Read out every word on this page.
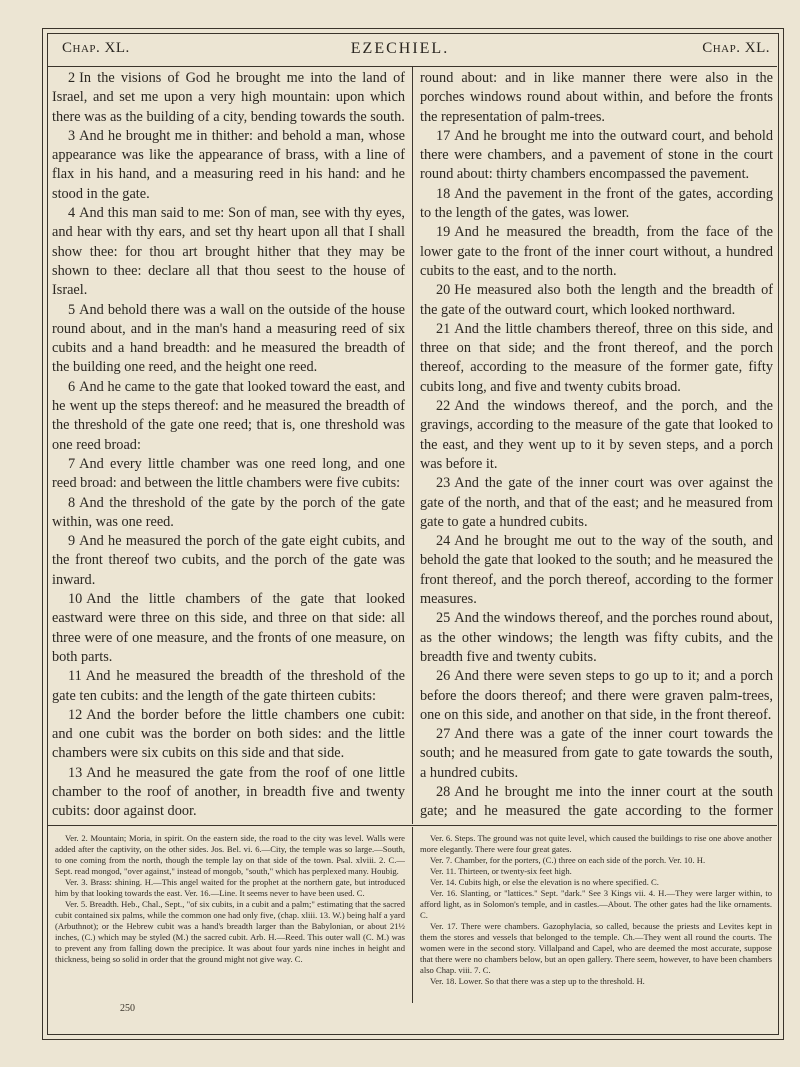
Chap. XL.	EZECHIEL.	Chap. XL.

2 In the visions of God he brought me into the land of Israel, and set me upon a very high mountain: upon which there was as the building of a city, bending towards the south.

3 And he brought me in thither: and behold a man, whose appearance was like the appearance of brass, with a line of flax in his hand, and a measuring reed in his hand: and he stood in the gate.

4 And this man said to me: Son of man, see with thy eyes, and hear with thy ears, and set thy heart upon all that I shall show thee: for thou art brought hither that they may be shown to thee: declare all that thou seest to the house of Israel.

5 And behold there was a wall on the outside of the house round about, and in the man's hand a measuring reed of six cubits and a hand breadth: and he measured the breadth of the building one reed, and the height one reed.

6 And he came to the gate that looked toward the east, and he went up the steps thereof: and he measured the breadth of the threshold of the gate one reed; that is, one threshold was one reed broad:

7 And every little chamber was one reed long, and one reed broad: and between the little chambers were five cubits:

8 And the threshold of the gate by the porch of the gate within, was one reed.

9 And he measured the porch of the gate eight cubits, and the front thereof two cubits, and the porch of the gate was inward.

10 And the little chambers of the gate that looked eastward were three on this side, and three on that side: all three were of one measure, and the fronts of one measure, on both parts.

11 And he measured the breadth of the threshold of the gate ten cubits: and the length of the gate thirteen cubits:

12 And the border before the little chambers one cubit: and one cubit was the border on both sides: and the little chambers were six cubits on this side and that side.

13 And he measured the gate from the roof of one little chamber to the roof of another, in breadth five and twenty cubits: door against door.

round about: and in like manner there were also in the porches windows round about within, and before the fronts the representation of palm-trees.

17 And he brought me into the outward court, and behold there were chambers, and a pavement of stone in the court round about: thirty chambers encompassed the pavement.

18 And the pavement in the front of the gates, according to the length of the gates, was lower.

19 And he measured the breadth, from the face of the lower gate to the front of the inner court without, a hundred cubits to the east, and to the north.

20 He measured also both the length and the breadth of the gate of the outward court, which looked northward.

21 And the little chambers thereof, three on this side, and three on that side; and the front thereof, and the porch thereof, according to the measure of the former gate, fifty cubits long, and five and twenty cubits broad.

22 And the windows thereof, and the porch, and the gravings, according to the measure of the gate that looked to the east, and they went up to it by seven steps, and a porch was before it.

23 And the gate of the inner court was over against the gate of the north, and that of the east; and he measured from gate to gate a hundred cubits.

24 And he brought me out to the way of the south, and behold the gate that looked to the south; and he measured the front thereof, and the porch thereof, according to the former measures.

25 And the windows thereof, and the porches round about, as the other windows; the length was fifty cubits, and the breadth five and twenty cubits.

26 And there were seven steps to go up to it; and a porch before the doors thereof; and there were graven palm-trees, one on this side, and another on that side, in the front thereof.

27 And there was a gate of the inner court towards the south; and he measured from gate to gate towards the south, a hundred cubits.

28 And he brought me into the inner court at the south gate; and he measured the gate according to the former

Ver. 2. Mountain; Moria, in spirit. On the eastern side, the road to the city was level. Walls were added after the captivity, on the other sides. Jos. Bel. vi. 6.—City, the temple was so large.—South, to one coming from the north, though the temple lay on that side of the town. Psal. xlviii. 2. C.—Sept. read mongod, "over against," instead of mongob, "south," which has perplexed many. Houbig.

Ver. 3. Brass: shining. H.—This angel waited for the prophet at the northern gate, but introduced him by that looking towards the east. Ver. 16.—Line. It seems never to have been used. C.

Ver. 5. Breadth. Heb., Chal., Sept., "of six cubits, in a cubit and a palm;" estimating that the sacred cubit contained six palms, while the common one had only five, (chap. xliii. 13. W.) being half a yard (Arbuthnot); or the Hebrew cubit was a hand's breadth larger than the Babylonian, or about 21½ inches, (C.) which may be styled (M.) the sacred cubit. Arb. H.—Reed. This outer wall (C. M.) was to prevent any from falling down the precipice. It was about four yards nine inches in height and thickness, being so solid in order that the ground might not give way. C.

Ver. 6. Steps. The ground was not quite level, which caused the buildings to rise one above another more elegantly. There were four great gates.

Ver. 7. Chamber, for the porters, (C.) three on each side of the porch. Ver. 10. H.

Ver. 11. Thirteen, or twenty-six feet high.

Ver. 14. Cubits high, or else the elevation is no where specified. C.

Ver. 16. Slanting, or "lattices." Sept. "dark." See 3 Kings vii. 4. H.—They were larger within, to afford light, as in Solomon's temple, and in castles.—About. The other gates had the like ornaments. C.

Ver. 17. There were chambers. Gazophylacia, so called, because the priests and Levites kept in them the stores and vessels that belonged to the temple. Ch.—They went all round the courts. The women were in the second story. Villalpand and Capel, who are deemed the most accurate, suppose that there were no chambers below, but an open gallery. There seem, however, to have been chambers also Chap. viii. 7. C.

Ver. 18. Lower. So that there was a step up to the threshold. H.

250
